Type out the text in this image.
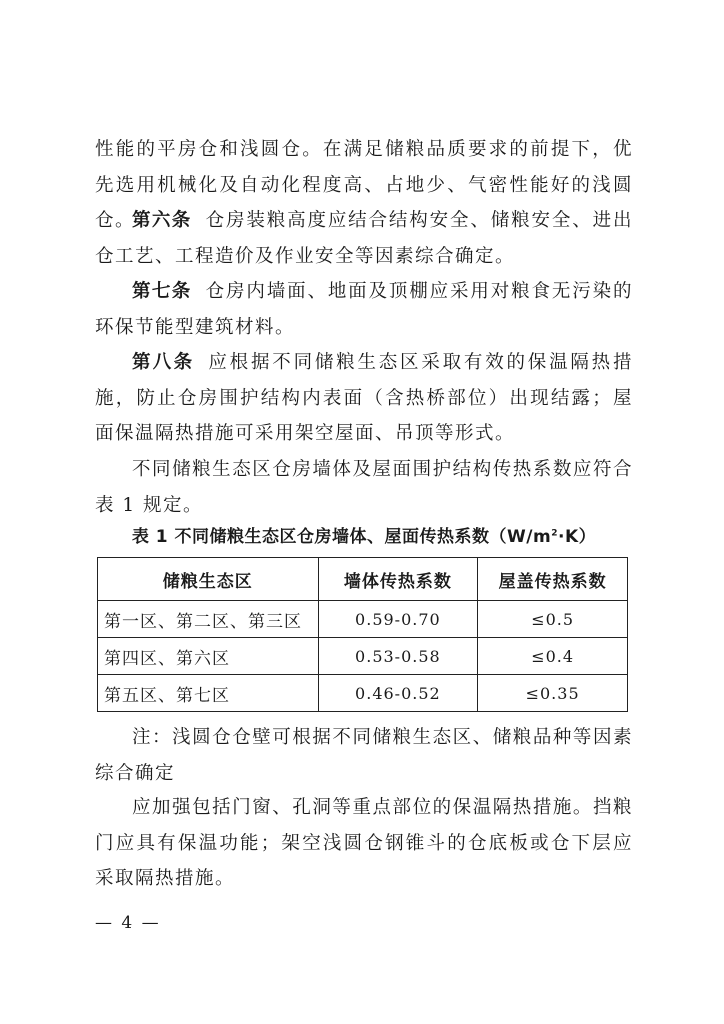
性能的平房仓和浅圆仓。在满足储粮品质要求的前提下，优先选用机械化及自动化程度高、占地少、气密性能好的浅圆仓。

第六条 仓房装粮高度应结合结构安全、储粮安全、进出仓工艺、工程造价及作业安全等因素综合确定。

第七条 仓房内墙面、地面及顶棚应采用对粮食无污染的环保节能型建筑材料。

第八条 应根据不同储粮生态区采取有效的保温隔热措施，防止仓房围护结构内表面（含热桥部位）出现结露；屋面保温隔热措施可采用架空屋面、吊顶等形式。

不同储粮生态区仓房墙体及屋面围护结构传热系数应符合表 1 规定。

表 1 不同储粮生态区仓房墙体、屋面传热系数$(W/m^2\cdot K)$

储粮生态区	墙体传热系数	屋盖传热系数
第一区、第二区、第三区	0.59-0.70	≤0.5
第四区、第六区	0.53-0.58	≤0.4
第五区、第七区	0.46-0.52	≤0.35

注：浅圆仓仓壁可根据不同储粮生态区、储粮品种等因素综合确定

应加强包括门窗、孔洞等重点部位的保温隔热措施。挡粮门应具有保温功能；架空浅圆仓钢锥斗的仓底板或仓下层应采取隔热措施。

— 4 —
